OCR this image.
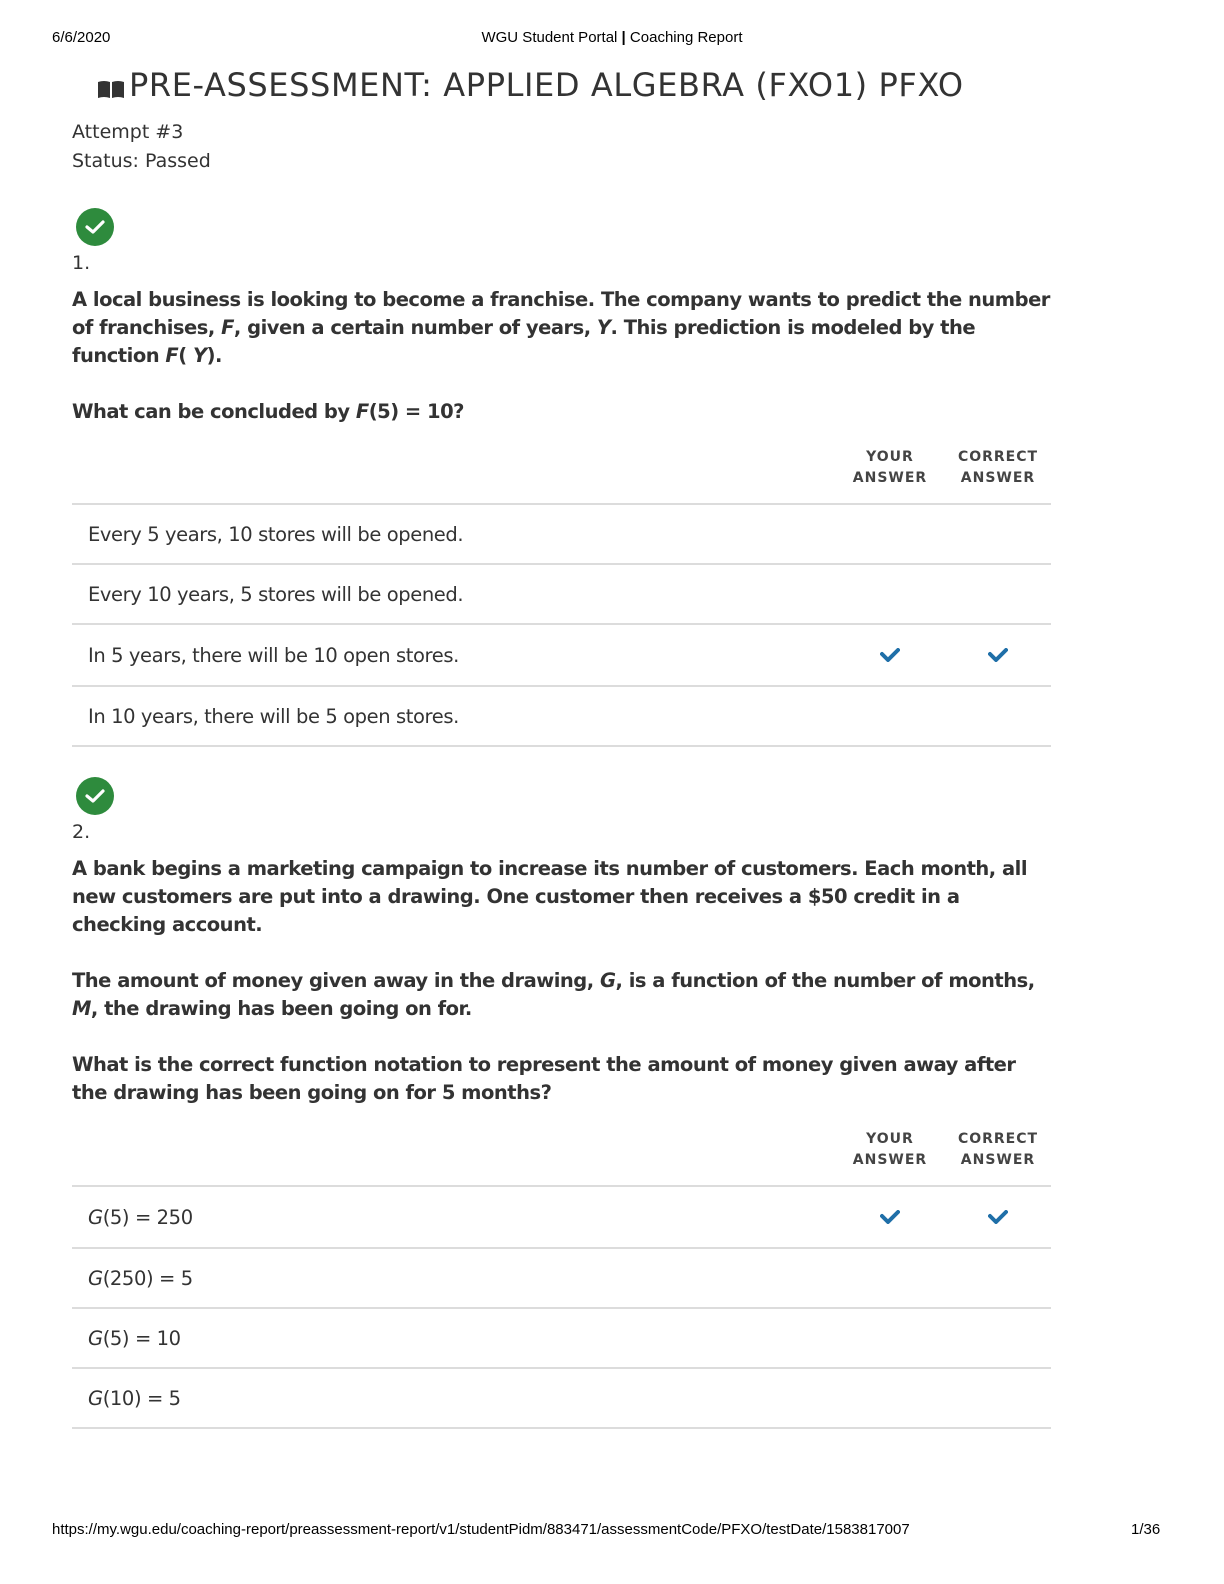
6/6/2020	WGU Student Portal | Coaching Report
PRE-ASSESSMENT: APPLIED ALGEBRA (FXO1) PFXO
Attempt #3
Status: Passed
1.

A local business is looking to become a franchise. The company wants to predict the number of franchises, F, given a certain number of years, Y. This prediction is modeled by the function F( Y).

What can be concluded by F(5) = 10?

YOUR
ANSWER
CORRECT
ANSWER
Every 5 years, 10 stores will be opened.
Every 10 years, 5 stores will be opened.
In 5 years, there will be 10 open stores.
In 10 years, there will be 5 open stores.
2.

A bank begins a marketing campaign to increase its number of customers. Each month, all new customers are put into a drawing. One customer then receives a $50 credit in a checking account.

The amount of money given away in the drawing, G, is a function of the number of months, M, the drawing has been going on for.

What is the correct function notation to represent the amount of money given away after the drawing has been going on for 5 months?

YOUR
ANSWER
CORRECT
ANSWER
G(5) = 250
G(250) = 5
G(5) = 10
G(10) = 5
https://my.wgu.edu/coaching-report/preassessment-report/v1/studentPidm/883471/assessmentCode/PFXO/testDate/1583817007	1/36
